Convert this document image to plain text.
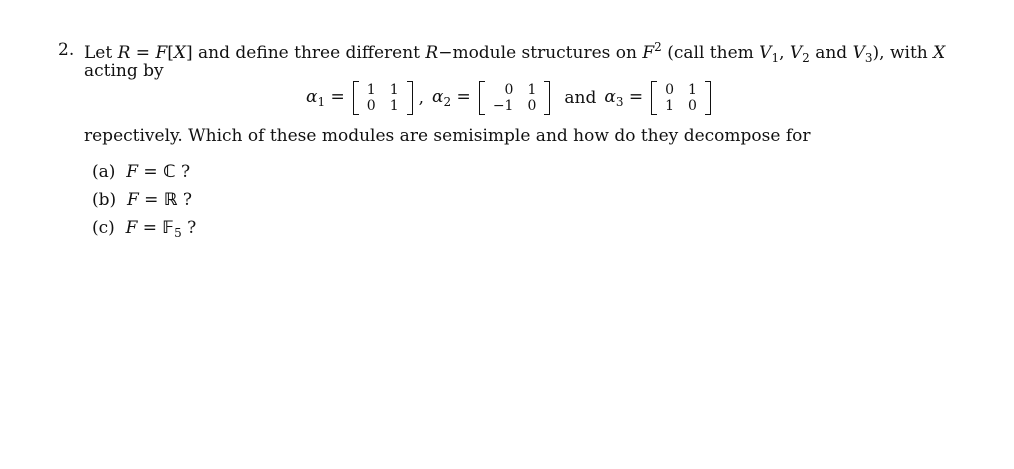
2. Let R = F[X] and define three different R−module structures on $F^2$ (call them $V_1$, $V_2$ and $V_3$), with X
acting by
$\alpha_1 = 1$ 1
0 1 , $\alpha_2$ =	0 1
−1 0 and $\alpha_3 = 0$ 1
1 0
repectively. Which of these modules are semisimple and how do they decompose for
(a) F = ℂ ?
(b) F = ℝ ?
(c) F = 𝔽$_5$ ?
